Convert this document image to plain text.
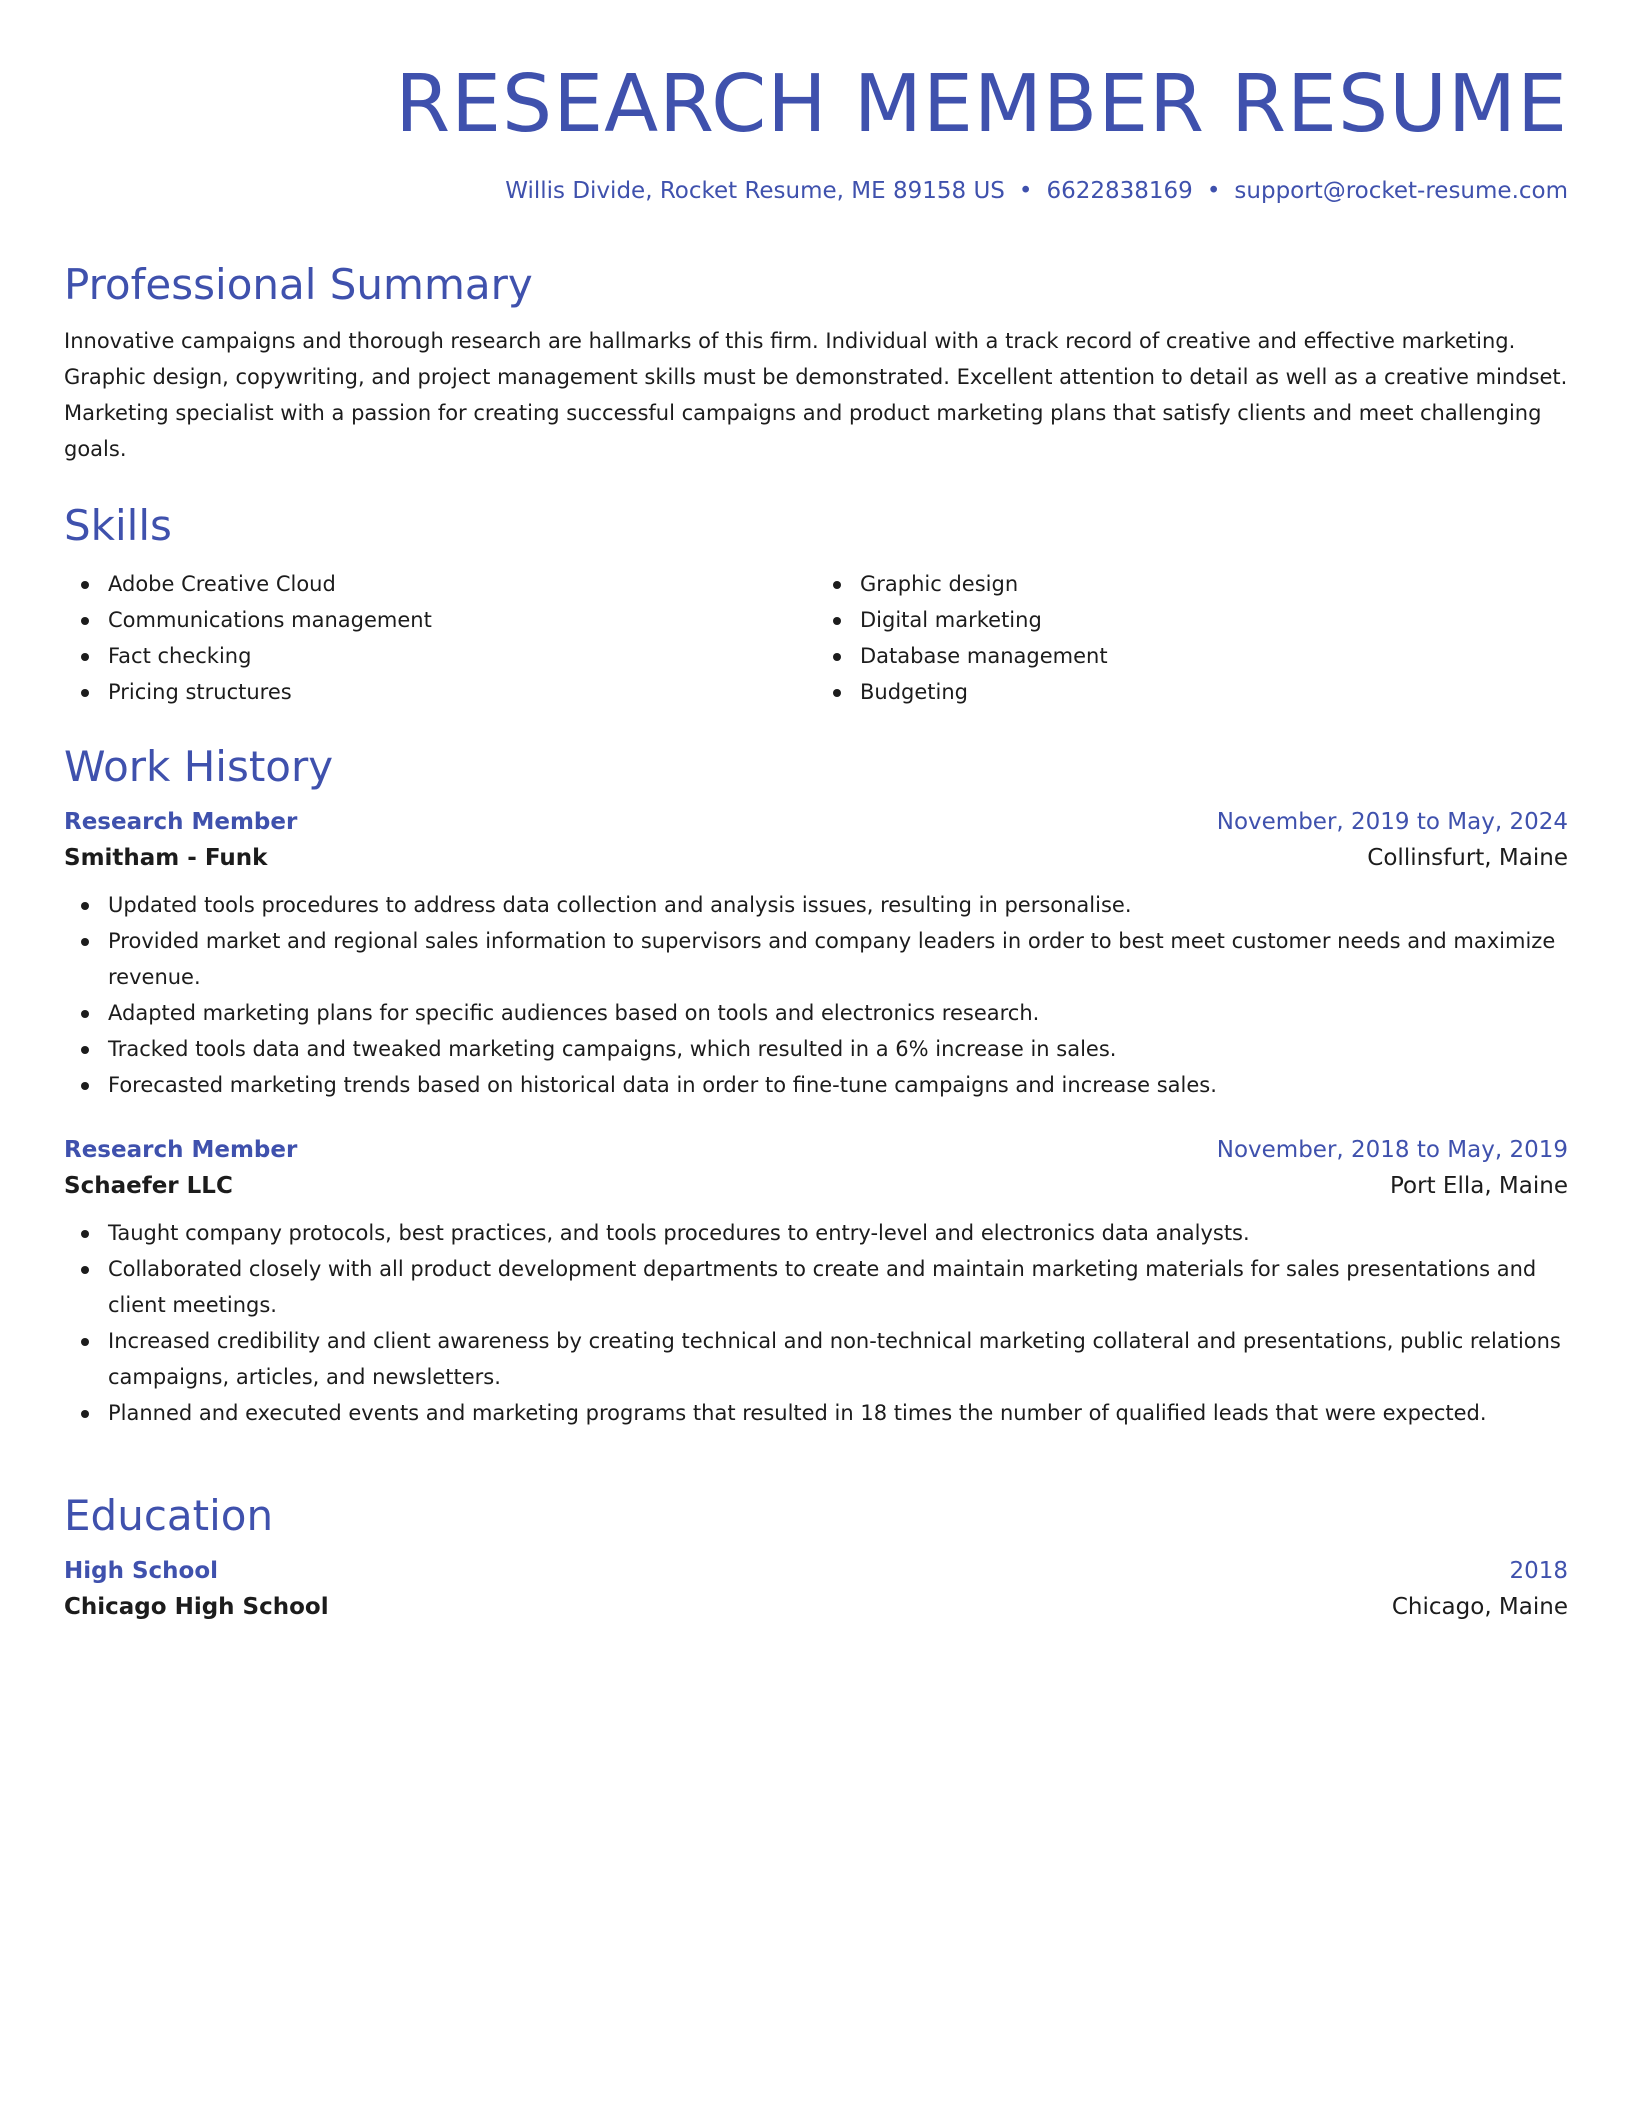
RESEARCH MEMBER RESUME
Willis Divide, Rocket Resume, ME 89158 US • 6622838169 • support@rocket-resume.com
Professional Summary

Innovative campaigns and thorough research are hallmarks of this firm. Individual with a track record of creative and effective marketing. Graphic design, copywriting, and project management skills must be demonstrated. Excellent attention to detail as well as a creative mindset. Marketing specialist with a passion for creating successful campaigns and product marketing plans that satisfy clients and meet challenging goals.

Skills
Adobe Creative Cloud
Communications management
Fact checking
Pricing structures
Graphic design
Digital marketing
Database management
Budgeting
Work History
Research Member	November, 2019 to May, 2024
Smitham - Funk	Collinsfurt, Maine
Updated tools procedures to address data collection and analysis issues, resulting in personalise.
Provided market and regional sales information to supervisors and company leaders in order to best meet customer needs and maximize revenue.
Adapted marketing plans for specific audiences based on tools and electronics research.
Tracked tools data and tweaked marketing campaigns, which resulted in a 6% increase in sales.
Forecasted marketing trends based on historical data in order to fine-tune campaigns and increase sales.
Research Member	November, 2018 to May, 2019
Schaefer LLC	Port Ella, Maine
Taught company protocols, best practices, and tools procedures to entry-level and electronics data analysts.
Collaborated closely with all product development departments to create and maintain marketing materials for sales presentations and client meetings.
Increased credibility and client awareness by creating technical and non-technical marketing collateral and presentations, public relations campaigns, articles, and newsletters.
Planned and executed events and marketing programs that resulted in 18 times the number of qualified leads that were expected.
Education
High School	2018
Chicago High School	Chicago, Maine
